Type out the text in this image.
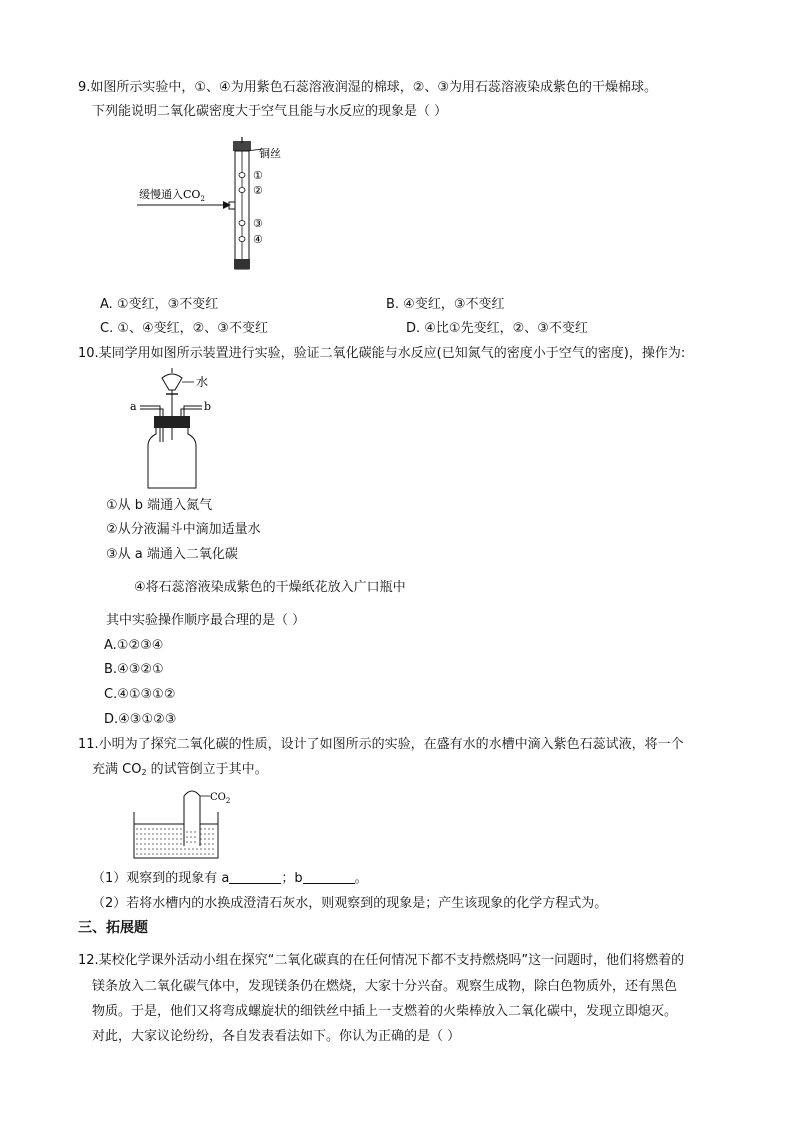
9.如图所示实验中，①、④为用紫色石蕊溶液润湿的棉球，②、③为用石蕊溶液染成紫色的干燥棉球。
下列能说明二氧化碳密度大于空气且能与水反应的现象是（ ）
铜丝
①
②
③
④
缓慢通入$CO_2$
A. ①变红，③不变红	B. ④变红，③不变红
C. ①、④变红，②、③不变红	D. ④比①先变红，②、③不变红
10.某同学用如图所示装置进行实验，验证二氧化碳能与水反应(已知氮气的密度小于空气的密度)，操作为:
水
a	b
①从 b 端通入氮气
②从分液漏斗中滴加适量水
③从 a 端通入二氧化碳
④将石蕊溶液染成紫色的干燥纸花放入广口瓶中
其中实验操作顺序最合理的是（ ）
A.①②③④
B.④③②①
C.④①③①②
D.④③①②③
11.小明为了探究二氧化碳的性质，设计了如图所示的实验，在盛有水的水槽中滴入紫色石蕊试液，将一个
充满 $CO_2$ 的试管倒立于其中。
$CO_2$
（1）观察到的现象有 a	；b	。
（2）若将水槽内的水换成澄清石灰水，则观察到的现象是；产生该现象的化学方程式为。
三、拓展题
12.某校化学课外活动小组在探究“二氧化碳真的在任何情况下都不支持燃烧吗”这一问题时，他们将燃着的
镁条放入二氧化碳气体中，发现镁条仍在燃烧，大家十分兴奋。观察生成物，除白色物质外，还有黑色
物质。于是，他们又将弯成螺旋状的细铁丝中插上一支燃着的火柴棒放入二氧化碳中，发现立即熄灭。
对此，大家议论纷纷，各自发表看法如下。你认为正确的是（ ）
